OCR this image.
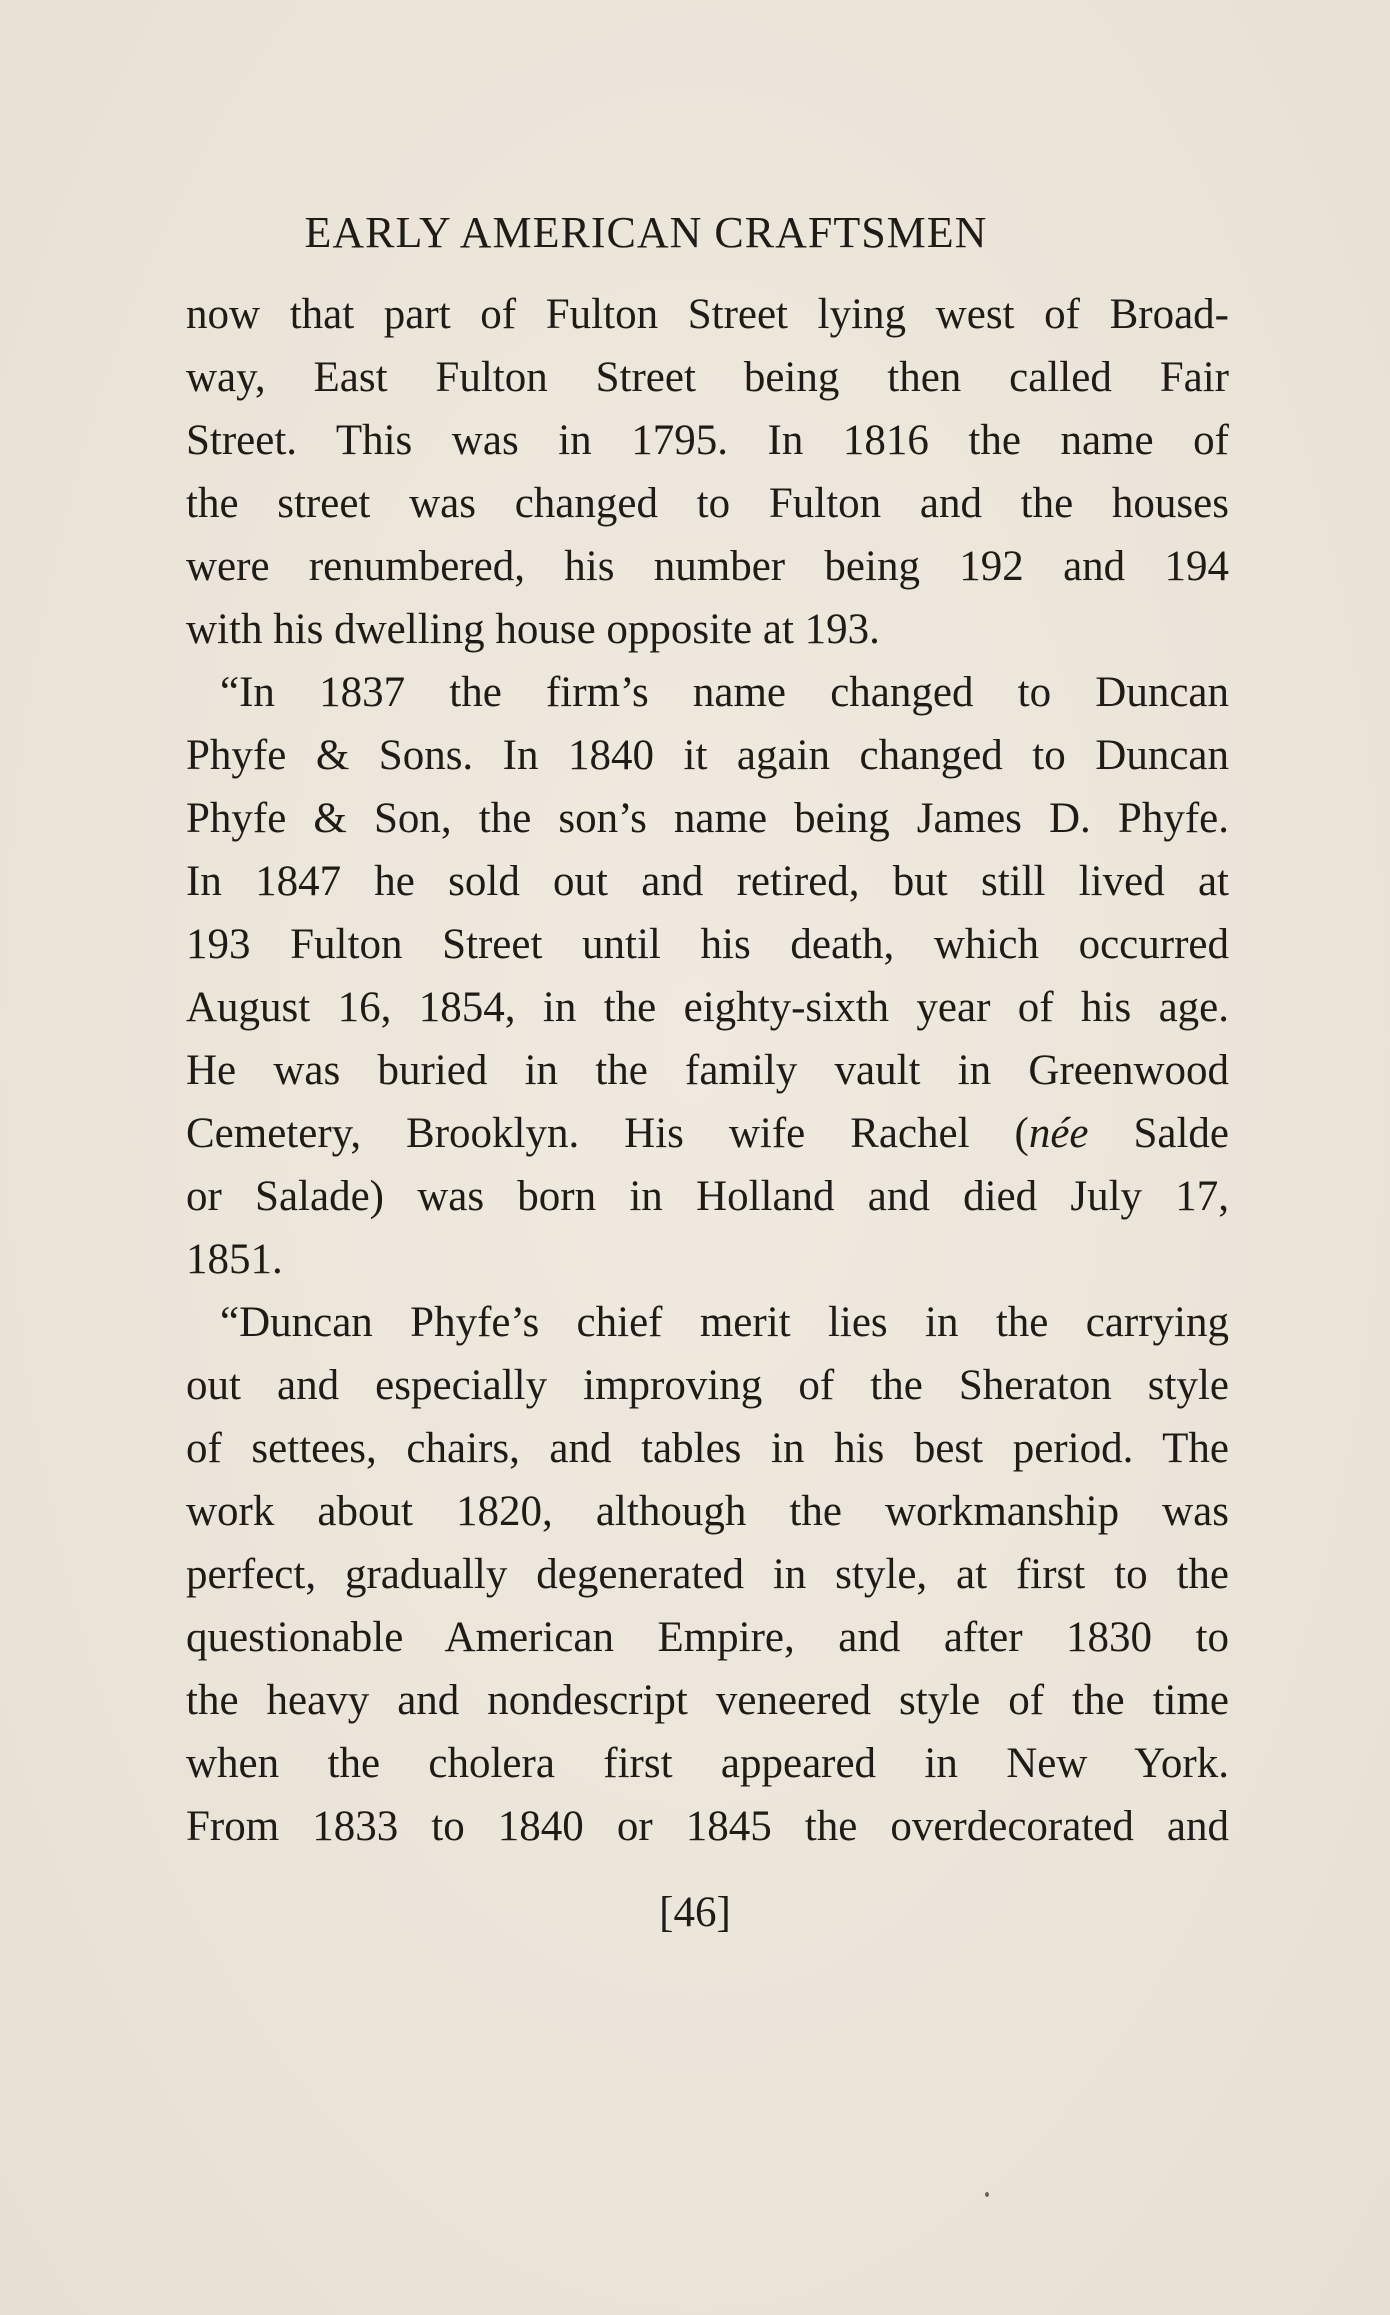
EARLY AMERICAN CRAFTSMEN
now that part of Fulton Street lying west of Broad-
way, East Fulton Street being then called Fair
Street. This was in 1795. In 1816 the name of
the street was changed to Fulton and the houses
were renumbered, his number being 192 and 194
with his dwelling house opposite at 193.
“In 1837 the firm’s name changed to Duncan
Phyfe & Sons. In 1840 it again changed to Duncan
Phyfe & Son, the son’s name being James D. Phyfe.
In 1847 he sold out and retired, but still lived at
193 Fulton Street until his death, which occurred
August 16, 1854, in the eighty-sixth year of his age.
He was buried in the family vault in Greenwood
Cemetery, Brooklyn. His wife Rachel (née Salde
or Salade) was born in Holland and died July 17,
1851.
“Duncan Phyfe’s chief merit lies in the carrying
out and especially improving of the Sheraton style
of settees, chairs, and tables in his best period. The
work about 1820, although the workmanship was
perfect, gradually degenerated in style, at first to the
questionable American Empire, and after 1830 to
the heavy and nondescript veneered style of the time
when the cholera first appeared in New York.
From 1833 to 1840 or 1845 the overdecorated and
[46]
